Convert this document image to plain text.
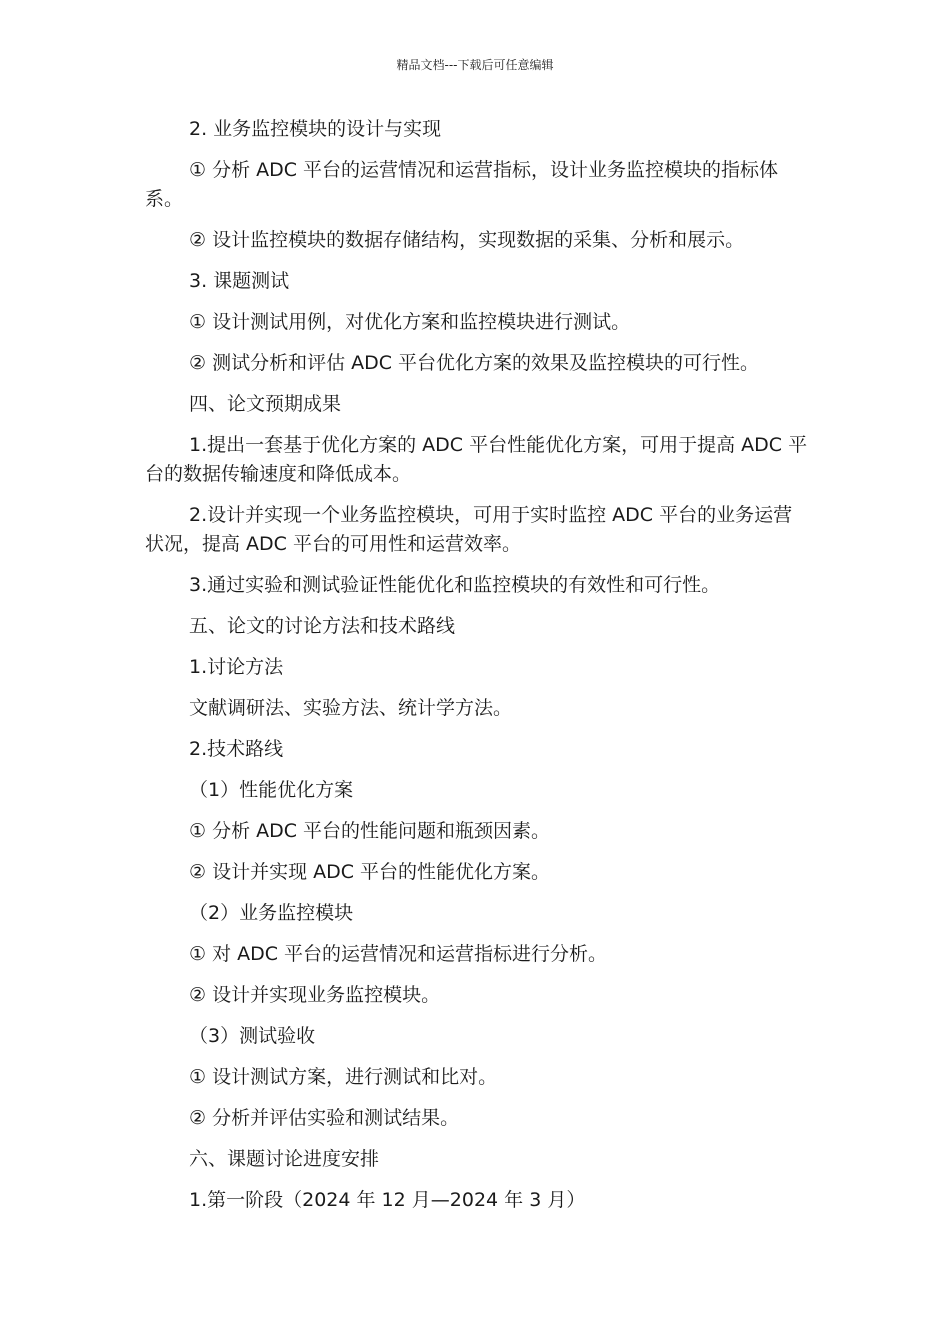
精品文档---下载后可任意编辑

2. 业务监控模块的设计与实现

① 分析 ADC 平台的运营情况和运营指标，设计业务监控模块的指标体系。

② 设计监控模块的数据存储结构，实现数据的采集、分析和展示。

3. 课题测试

① 设计测试用例，对优化方案和监控模块进行测试。

② 测试分析和评估 ADC 平台优化方案的效果及监控模块的可行性。

四、论文预期成果

1.提出一套基于优化方案的 ADC 平台性能优化方案，可用于提高 ADC 平台的数据传输速度和降低成本。

2.设计并实现一个业务监控模块，可用于实时监控 ADC 平台的业务运营状况，提高 ADC 平台的可用性和运营效率。

3.通过实验和测试验证性能优化和监控模块的有效性和可行性。

五、论文的讨论方法和技术路线

1.讨论方法

文献调研法、实验方法、统计学方法。

2.技术路线

（1）性能优化方案

① 分析 ADC 平台的性能问题和瓶颈因素。

② 设计并实现 ADC 平台的性能优化方案。

（2）业务监控模块

① 对 ADC 平台的运营情况和运营指标进行分析。

② 设计并实现业务监控模块。

（3）测试验收

① 设计测试方案，进行测试和比对。

② 分析并评估实验和测试结果。

六、课题讨论进度安排

1.第一阶段（2024 年 12 月—2024 年 3 月）
